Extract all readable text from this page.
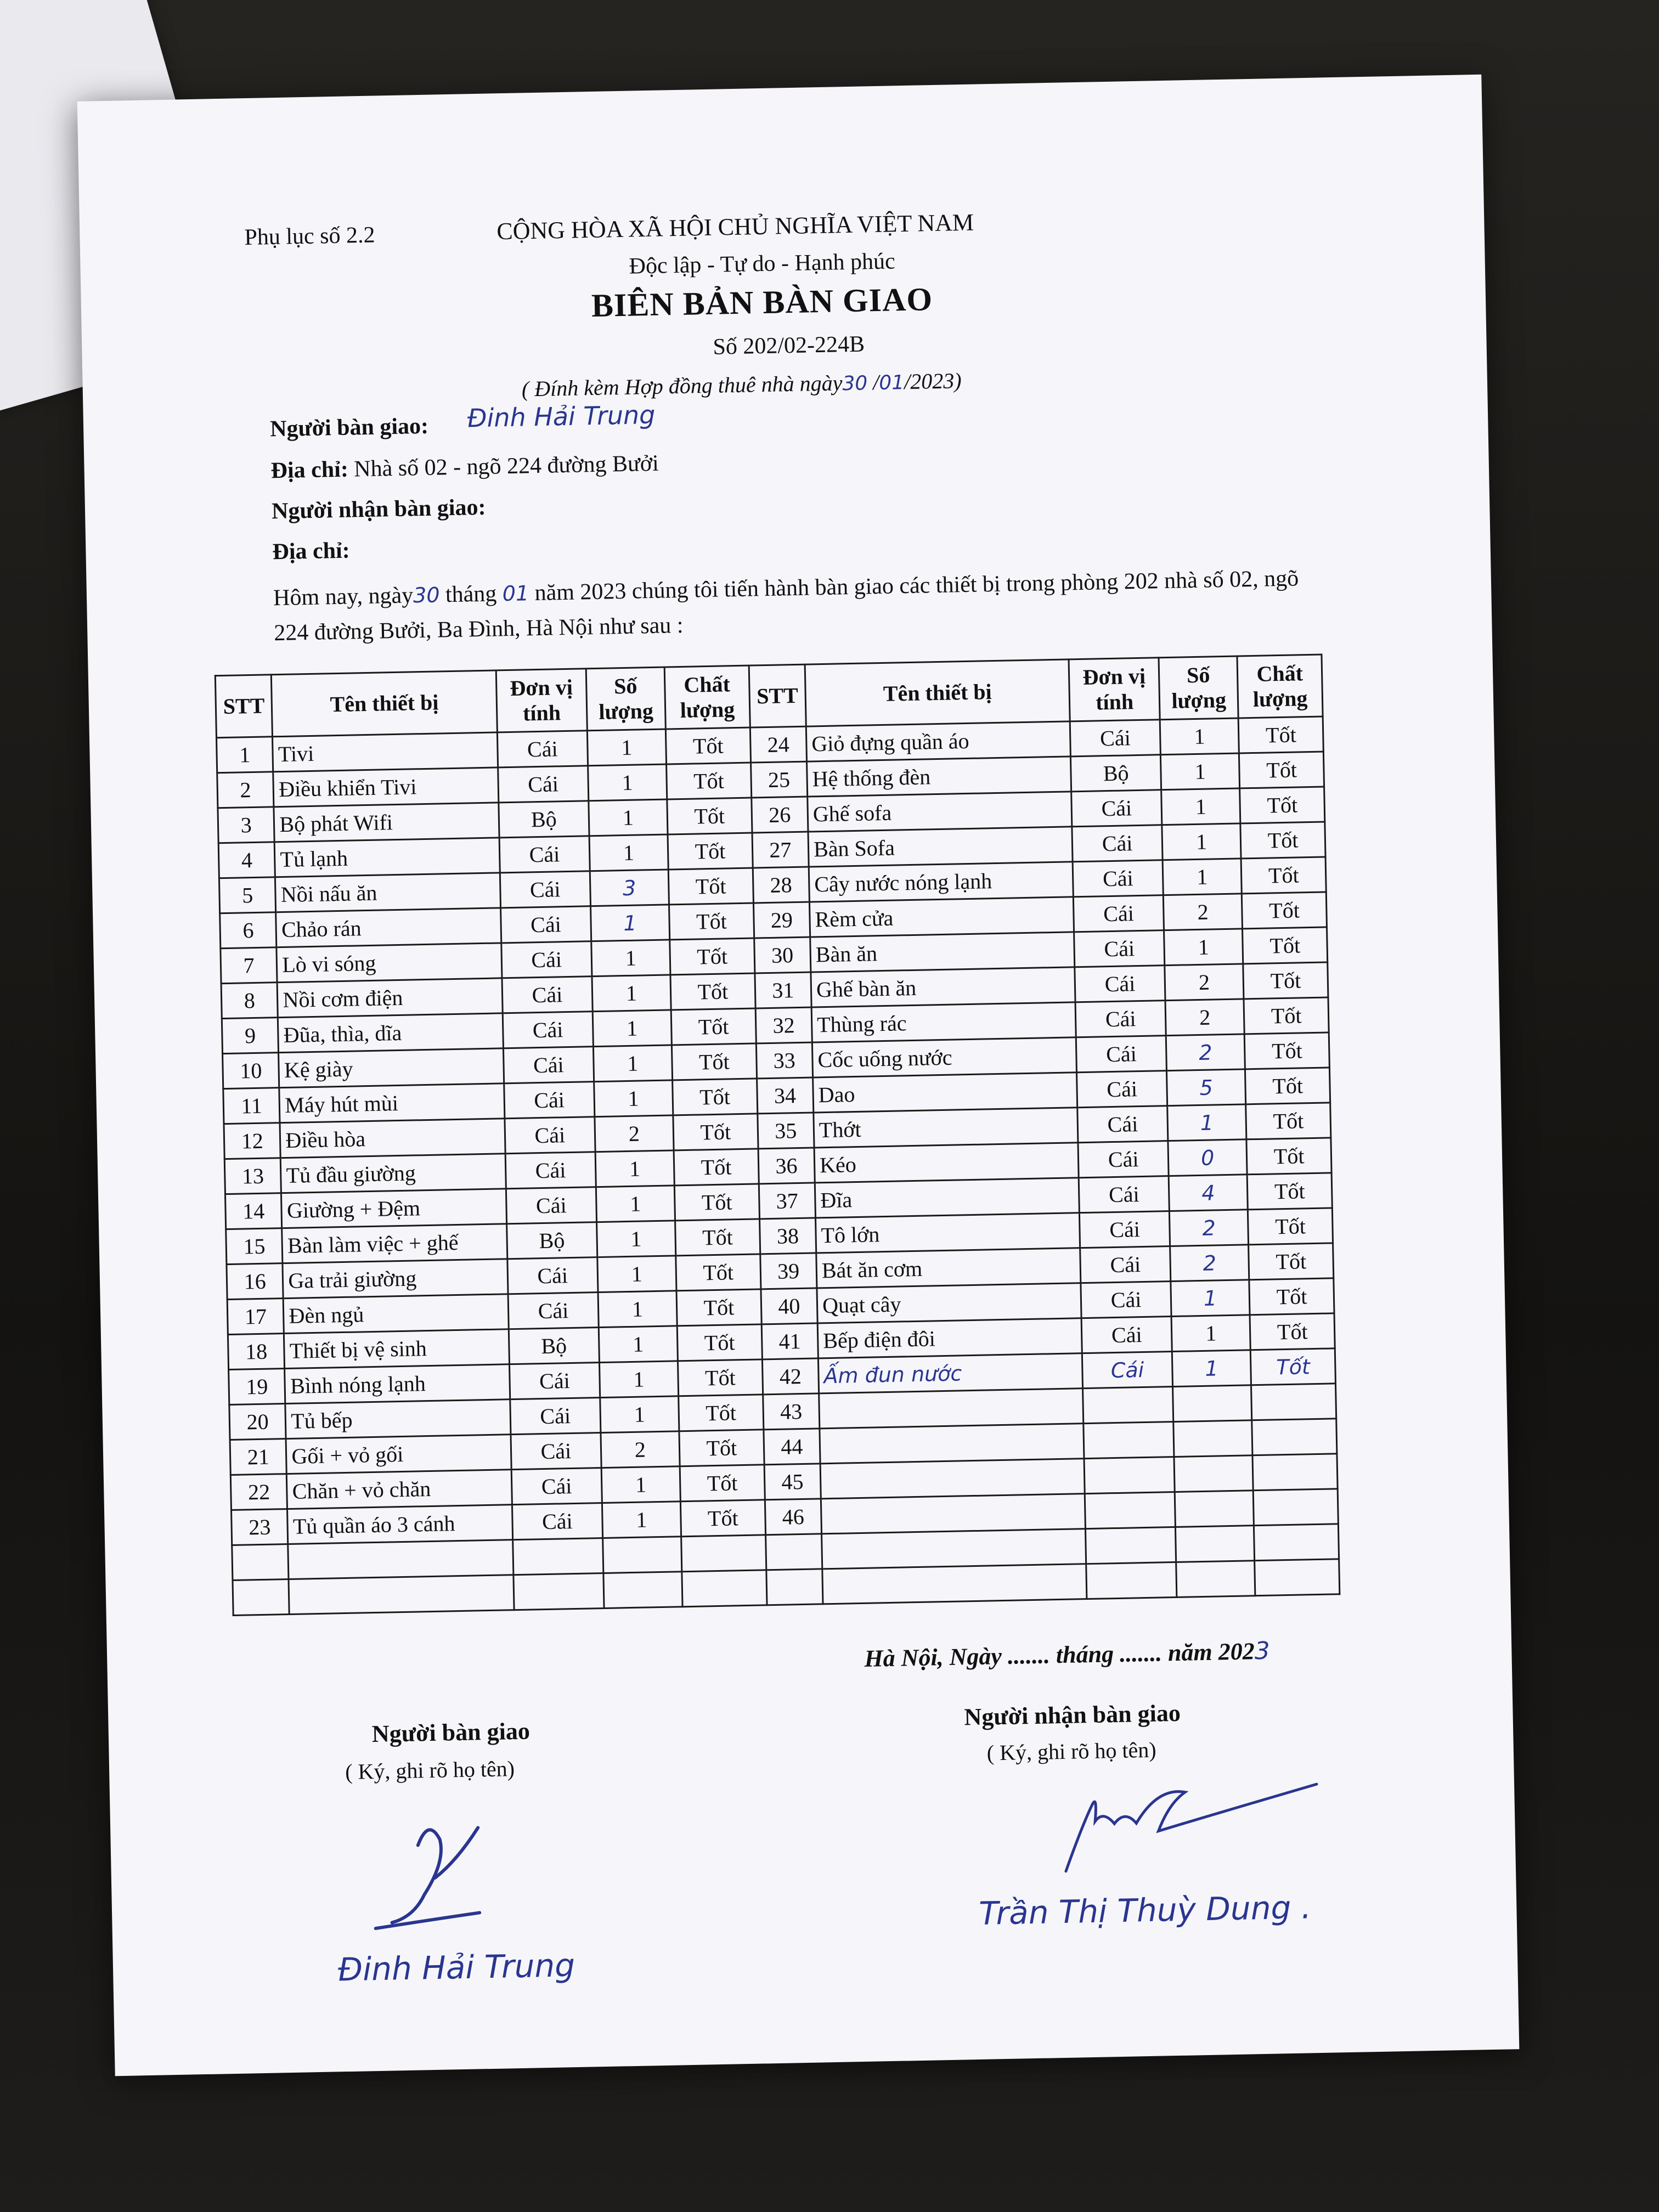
Phụ lục số 2.2	CỘNG HÒA XÃ HỘI CHỦ NGHĨA VIỆT NAM
Độc lập - Tự do - Hạnh phúc
BIÊN BẢN BÀN GIAO
Số 202/02-224B
( Đính kèm Hợp đồng thuê nhà ngày30 /01/2023)
Người bàn giao: Đinh Hải Trung
Địa chỉ: Nhà số 02 - ngõ 224 đường Bưởi
Người nhận bàn giao:
Địa chỉ:
Hôm nay, ngày30 tháng 01 năm 2023 chúng tôi tiến hành bàn giao các thiết bị trong phòng 202 nhà số 02, ngõ 224 đường Bưởi, Ba Đình, Hà Nội như sau :
STT	Tên thiết bị	Đơn vị tính	Số lượng	Chất lượng	STT	Tên thiết bị	Đơn vị tính	Số lượng	Chất lượng
1	Tivi	Cái	1	Tốt	24	Giỏ đựng quần áo	Cái	1	Tốt
2	Điều khiển Tivi	Cái	1	Tốt	25	Hệ thống đèn	Bộ	1	Tốt
3	Bộ phát Wifi	Bộ	1	Tốt	26	Ghế sofa	Cái	1	Tốt
4	Tủ lạnh	Cái	1	Tốt	27	Bàn Sofa	Cái	1	Tốt
5	Nồi nấu ăn	Cái	3	Tốt	28	Cây nước nóng lạnh	Cái	1	Tốt
6	Chảo rán	Cái	1	Tốt	29	Rèm cửa	Cái	2	Tốt
7	Lò vi sóng	Cái	1	Tốt	30	Bàn ăn	Cái	1	Tốt
8	Nồi cơm điện	Cái	1	Tốt	31	Ghế bàn ăn	Cái	2	Tốt
9	Đũa, thìa, dĩa	Cái	1	Tốt	32	Thùng rác	Cái	2	Tốt
10	Kệ giày	Cái	1	Tốt	33	Cốc uống nước	Cái	2	Tốt
11	Máy hút mùi	Cái	1	Tốt	34	Dao	Cái	5	Tốt
12	Điều hòa	Cái	2	Tốt	35	Thớt	Cái	1	Tốt
13	Tủ đầu giường	Cái	1	Tốt	36	Kéo	Cái	0	Tốt
14	Giường + Đệm	Cái	1	Tốt	37	Đĩa	Cái	4	Tốt
15	Bàn làm việc + ghế	Bộ	1	Tốt	38	Tô lớn	Cái	2	Tốt
16	Ga trải giường	Cái	1	Tốt	39	Bát ăn cơm	Cái	2	Tốt
17	Đèn ngủ	Cái	1	Tốt	40	Quạt cây	Cái	1	Tốt
18	Thiết bị vệ sinh	Bộ	1	Tốt	41	Bếp điện đôi	Cái	1	Tốt
19	Bình nóng lạnh	Cái	1	Tốt	42	Ấm đun nước	Cái	1	Tốt
20	Tủ bếp	Cái	1	Tốt	43				
21	Gối + vỏ gối	Cái	2	Tốt	44				
22	Chăn + vỏ chăn	Cái	1	Tốt	45				
23	Tủ quần áo 3 cánh	Cái	1	Tốt	46				

Hà Nội, Ngày ....... tháng ....... năm 2023
Người bàn giao
( Ký, ghi rõ họ tên)
Người nhận bàn giao
( Ký, ghi rõ họ tên)
Đinh Hải Trung
Trần Thị Thuỳ Dung .
